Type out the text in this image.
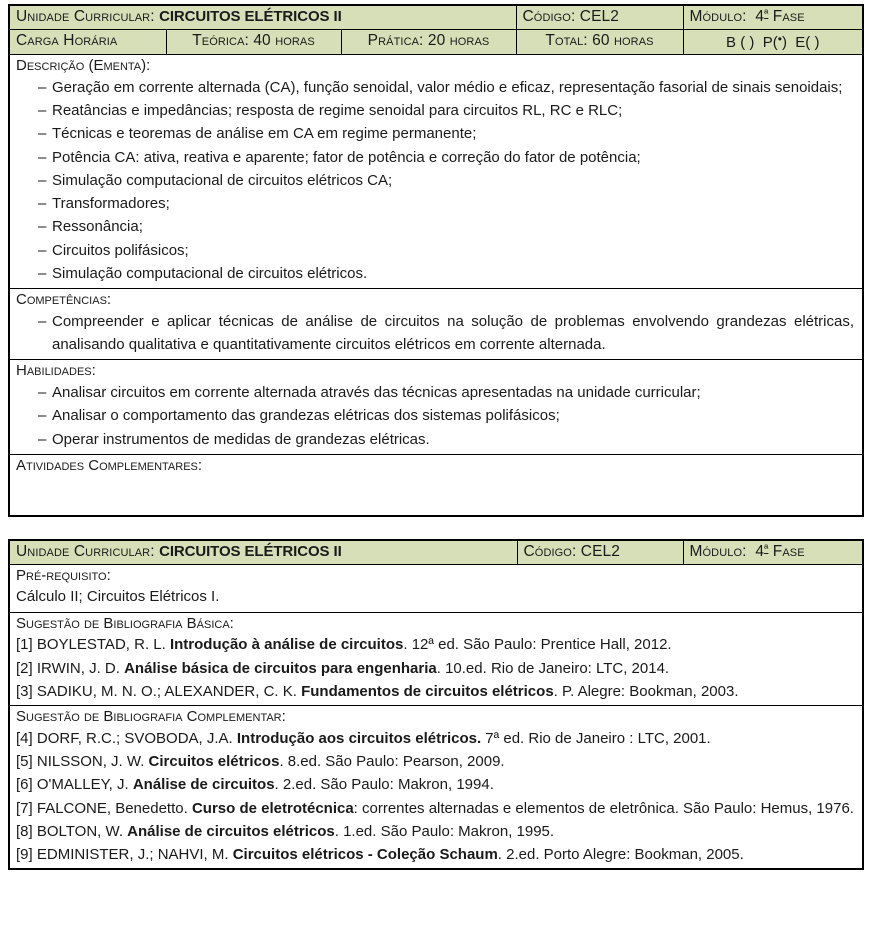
Unidade Curricular: CIRCUITOS ELÉTRICOS II			Código: CEL2	Módulo: $4^ª$ Fase

Carga Horária	Teórica: 40 horas	Prática: 20 horas	Total: 60 horas	B ( ) P(•) E( )

Descrição (Ementa):
– Geração em corrente alternada (CA), função senoidal, valor médio e eficaz, representação fasorial de sinais senoidais;
– Reatâncias e impedâncias; resposta de regime senoidal para circuitos RL, RC e RLC;
– Técnicas e teoremas de análise em CA em regime permanente;
– Potência CA: ativa, reativa e aparente; fator de potência e correção do fator de potência;
– Simulação computacional de circuitos elétricos CA;
– Transformadores;
– Ressonância;
– Circuitos polifásicos;
– Simulação computacional de circuitos elétricos.

Competências:
– Compreender e aplicar técnicas de análise de circuitos na solução de problemas envolvendo grandezas elétricas, analisando qualitativa e quantitativamente circuitos elétricos em corrente alternada.

Habilidades:
– Analisar circuitos em corrente alternada através das técnicas apresentadas na unidade curricular;
– Analisar o comportamento das grandezas elétricas dos sistemas polifásicos;
– Operar instrumentos de medidas de grandezas elétricas.

Atividades Complementares:				
Unidade Curricular: CIRCUITOS ELÉTRICOS II	Código: CEL2	Módulo: $4^ª$ Fase

Pré-requisito:
Cálculo II; Circuitos Elétricos I.

Sugestão de Bibliografia Básica:
[1] BOYLESTAD, R. L. Introdução à análise de circuitos. 12ª ed. São Paulo: Prentice Hall, 2012.
[2] IRWIN, J. D. Análise básica de circuitos para engenharia. 10.ed. Rio de Janeiro: LTC, 2014.
[3] SADIKU, M. N. O.; ALEXANDER, C. K. Fundamentos de circuitos elétricos. P. Alegre: Bookman, 2003.

Sugestão de Bibliografia Complementar:
[4] DORF, R.C.; SVOBODA, J.A. Introdução aos circuitos elétricos. 7ª ed. Rio de Janeiro : LTC, 2001.
[5] NILSSON, J. W. Circuitos elétricos. 8.ed. São Paulo: Pearson, 2009.
[6] O'MALLEY, J. Análise de circuitos. 2.ed. São Paulo: Makron, 1994.
[7] FALCONE, Benedetto. Curso de eletrotécnica: correntes alternadas e elementos de eletrônica. São Paulo: Hemus, 1976.
[8] BOLTON, W. Análise de circuitos elétricos. 1.ed. São Paulo: Makron, 1995.
[9] EDMINISTER, J.; NAHVI, M. Circuitos elétricos - Coleção Schaum. 2.ed. Porto Alegre: Bookman, 2005.
